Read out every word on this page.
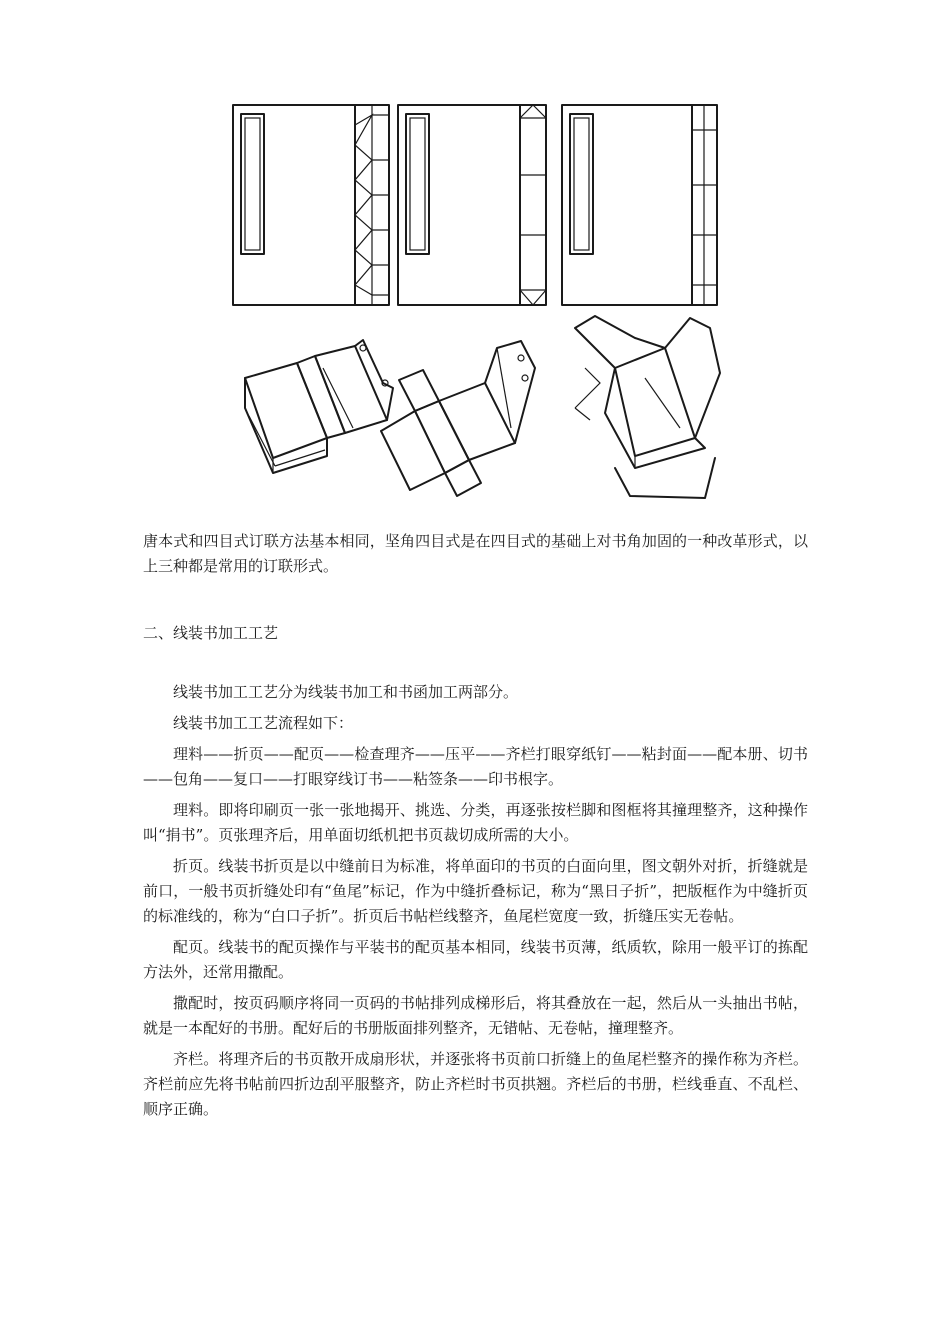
唐本式和四目式订联方法基本相同，坚角四目式是在四目式的基础上对书角加固的一种改革形式，以上三种都是常用的订联形式。

二、线装书加工工艺

线装书加工工艺分为线装书加工和书函加工两部分。

线装书加工工艺流程如下：

理料——折页——配页——检查理齐——压平——齐栏打眼穿纸钉——粘封面——配本册、切书——包角——复口——打眼穿线订书——粘签条——印书根字。

理料。即将印刷页一张一张地揭开、挑选、分类，再逐张按栏脚和图框将其撞理整齐，这种操作叫“捐书”。页张理齐后，用单面切纸机把书页裁切成所需的大小。

折页。线装书折页是以中缝前日为标准，将单面印的书页的白面向里，图文朝外对折，折缝就是前口，一般书页折缝处印有“鱼尾”标记，作为中缝折叠标记，称为“黑日子折”，把版框作为中缝折页的标准线的，称为“白口子折”。折页后书帖栏线整齐，鱼尾栏宽度一致，折缝压实无卷帖。

配页。线装书的配页操作与平装书的配页基本相同，线装书页薄，纸质软，除用一般平订的拣配方法外，还常用撒配。

撒配时，按页码顺序将同一页码的书帖排列成梯形后，将其叠放在一起，然后从一头抽出书帖，就是一本配好的书册。配好后的书册版面排列整齐，无错帖、无卷帖，撞理整齐。

齐栏。将理齐后的书页散开成扇形状，并逐张将书页前口折缝上的鱼尾栏整齐的操作称为齐栏。齐栏前应先将书帖前四折边刮平服整齐，防止齐栏时书页拱翘。齐栏后的书册，栏线垂直、不乱栏、顺序正确。
